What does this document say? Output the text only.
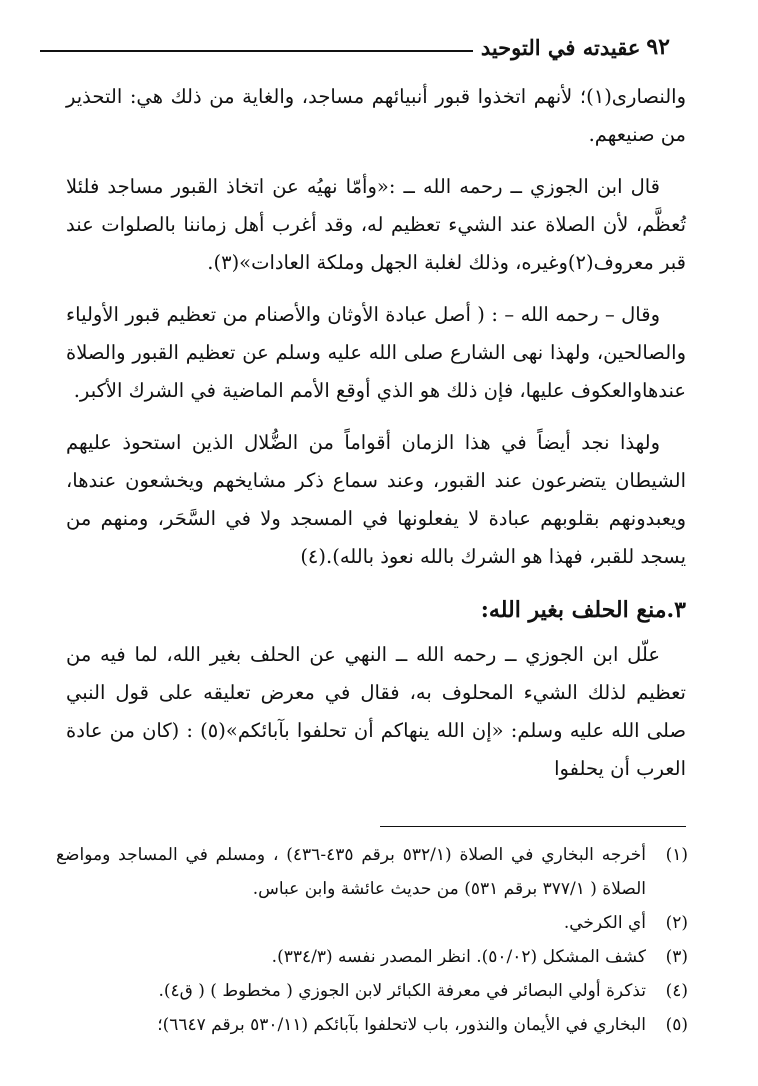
٩٢
عقيدته في التوحيد

والنصارى(١)؛ لأنهم اتخذوا قبور أنبيائهم مساجد، والغاية من ذلك هي: التحذير من صنيعهم.

قال ابن الجوزي ــ رحمه الله ــ :«وأمّا نهيُه عن اتخاذ القبور مساجد فلئلا تُعظَّم، لأن الصلاة عند الشيء تعظيم له، وقد أغرب أهل زماننا بالصلوات عند قبر معروف(٢)وغيره، وذلك لغلبة الجهل وملكة العادات»(٣).

وقال – رحمه الله – : ( أصل عبادة الأوثان والأصنام من تعظيم قبور الأولياء والصالحين، ولهذا نهى الشارع صلى الله عليه وسلم عن تعظيم القبور والصلاة عندهاوالعكوف عليها، فإن ذلك هو الذي أوقع الأمم الماضية في الشرك الأكبر.

ولهذا نجد أيضاً في هذا الزمان أقواماً من الضُّلال الذين استحوذ عليهم الشيطان يتضرعون عند القبور، وعند سماع ذكر مشايخهم ويخشعون عندها، ويعبدونهم بقلوبهم عبادة لا يفعلونها في المسجد ولا في السَّحَر، ومنهم من يسجد للقبر، فهذا هو الشرك بالله نعوذ بالله).(٤)

٣.منع الحلف بغير الله:

علّل ابن الجوزي ــ رحمه الله ــ النهي عن الحلف بغير الله، لما فيه من تعظيم لذلك الشيء المحلوف به، فقال في معرض تعليقه على قول النبي صلى الله عليه وسلم: «إن الله ينهاكم أن تحلفوا بآبائكم»(٥) : (كان من عادة العرب أن يحلفوا

(١)
أخرجه البخاري في الصلاة (٥٣٢/١ برقم ٤٣٥-٤٣٦) ، ومسلم في المساجد ومواضع الصلاة ( ٣٧٧/١ برقم ٥٣١) من حديث عائشة وابن عباس.
(٢)
أي الكرخي.
(٣)
كشف المشكل (٥٠/٠٢). انظر المصدر نفسه (٣٣٤/٣).
(٤)
تذكرة أولي البصائر في معرفة الكبائر لابن الجوزي ( مخطوط ) ( ق٤).
(٥)
البخاري في الأيمان والنذور، باب لاتحلفوا بآبائكم (٥٣٠/١١ برقم ٦٦٤٧)؛
